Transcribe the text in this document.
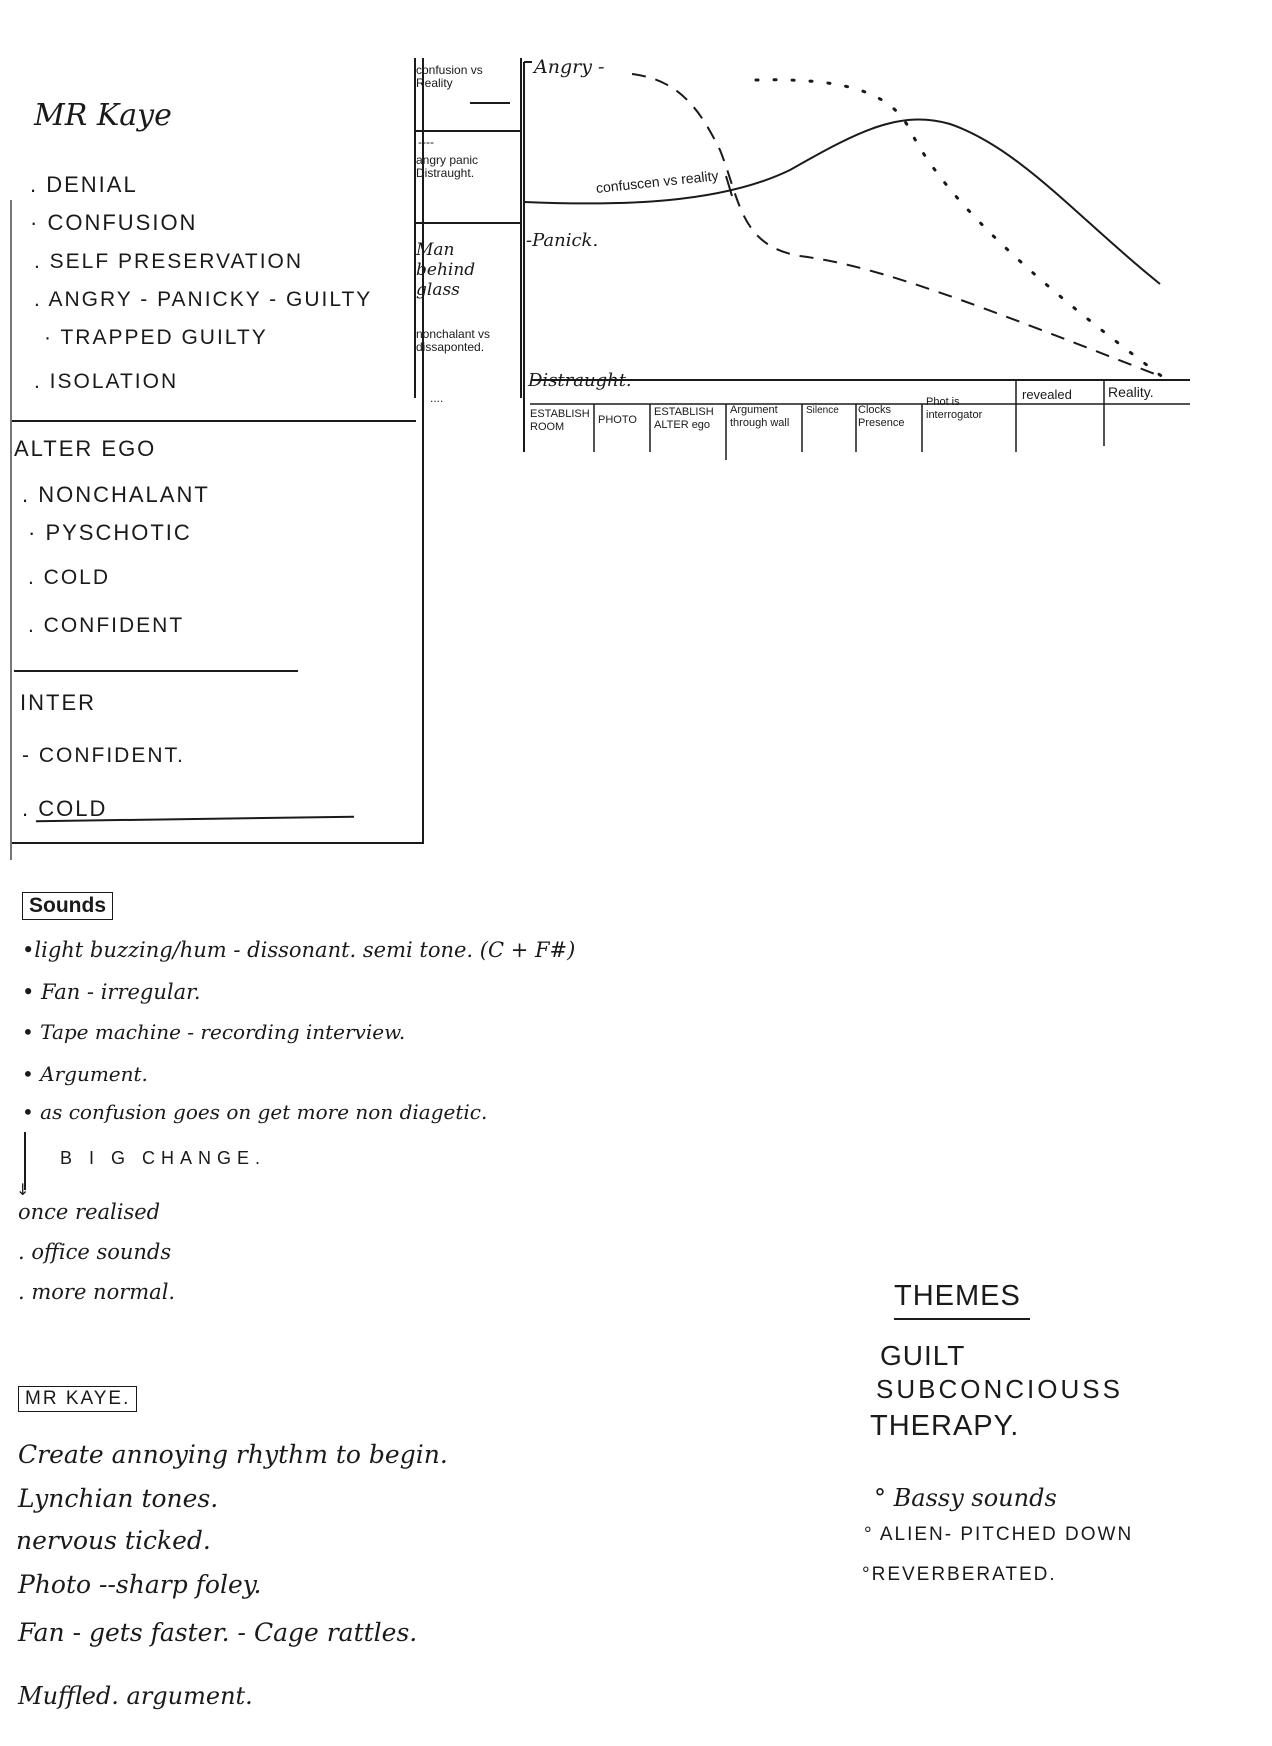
MR Kaye
. DENIAL
· CONFUSION
. SELF PRESERVATION
. ANGRY - PANICKY - GUILTY
· TRAPPED GUILTY
. ISOLATION
ALTER EGO
. NONCHALANT
· PYSCHOTIC
. COLD
. CONFIDENT
INTER
- CONFIDENT.
. COLD
confusion vs Reality
----
angry panic Distraught.
Man behind glass
nonchalant vs dissaponted.
....
Angry -
-Panick.
Distraught.
confuscen vs reality
ESTABLISH ROOM
PHOTO
ESTABLISH ALTER ego
Argument through wall
Silence	Clocks Presence
Phot is interrogator
revealed	Reality.
Sounds
•light buzzing/hum - dissonant. semi tone. (C + F#)
• Fan - irregular.
• Tape machine - recording interview.
• Argument.
• as confusion goes on get more non diagetic.
↓
B I G CHANGE.
once realised
. office sounds
. more normal.
MR KAYE.
Create annoying rhythm to begin.
Lynchian tones.
nervous ticked.
Photo --sharp foley.
Fan - gets faster. - Cage rattles.
Muffled. argument.
THEMES
GUILT
SUBCONCIOUSS
THERAPY.
° Bassy sounds
° ALIEN- PITCHED DOWN
°REVERBERATED.
